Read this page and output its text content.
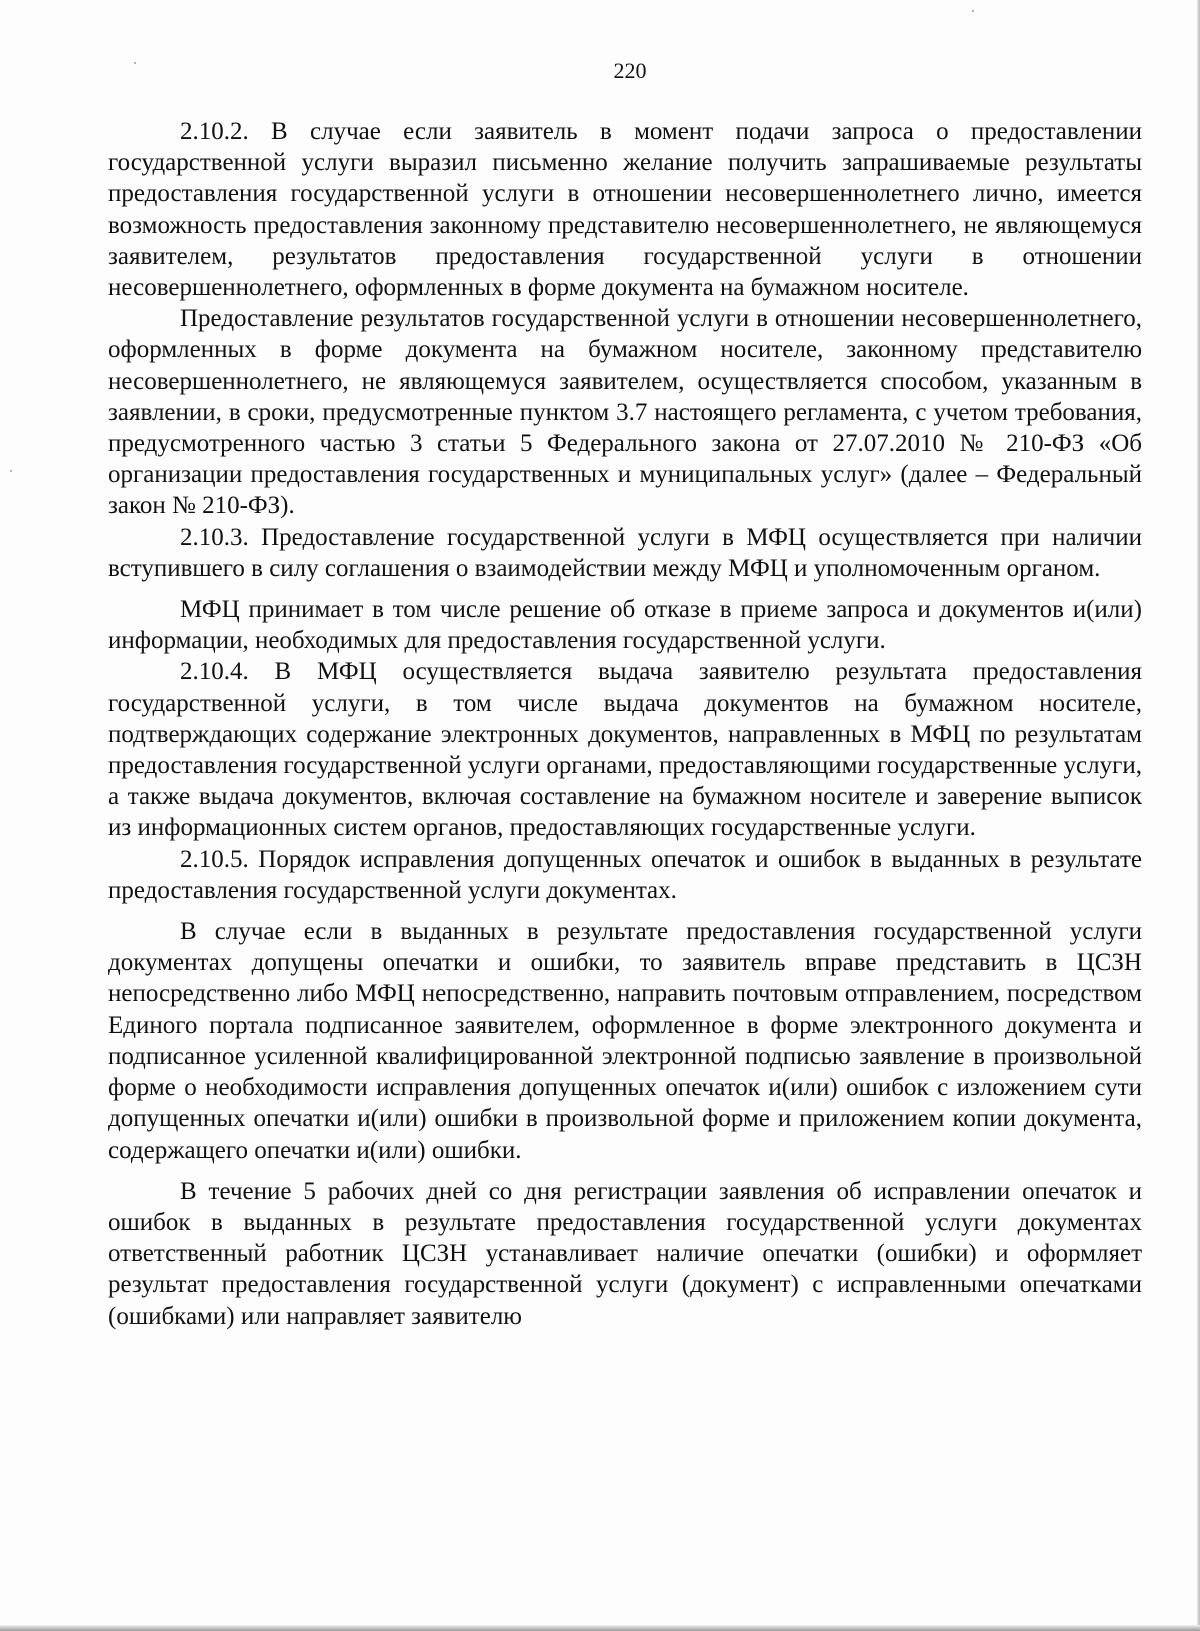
220

2.10.2. В случае если заявитель в момент подачи запроса о предоставлении государственной услуги выразил письменно желание получить запрашиваемые результаты предоставления государственной услуги в отношении несовершеннолетнего лично, имеется возможность предоставления законному представителю несовершеннолетнего, не являющемуся заявителем, результатов предоставления государственной услуги в отношении несовершеннолетнего, оформленных в форме документа на бумажном носителе.

Предоставление результатов государственной услуги в отношении несовершеннолетнего, оформленных в форме документа на бумажном носителе, законному представителю несовершеннолетнего, не являющемуся заявителем, осуществляется способом, указанным в заявлении, в сроки, предусмотренные пунктом 3.7 настоящего регламента, с учетом требования, предусмотренного частью 3 статьи 5 Федерального закона от 27.07.2010 № 210-ФЗ «Об организации предоставления государственных и муниципальных услуг» (далее – Федеральный закон № 210-ФЗ).

2.10.3. Предоставление государственной услуги в МФЦ осуществляется при наличии вступившего в силу соглашения о взаимодействии между МФЦ и уполномоченным органом.

МФЦ принимает в том числе решение об отказе в приеме запроса и документов и(или) информации, необходимых для предоставления государственной услуги.

2.10.4. В МФЦ осуществляется выдача заявителю результата предоставления государственной услуги, в том числе выдача документов на бумажном носителе, подтверждающих содержание электронных документов, направленных в МФЦ по результатам предоставления государственной услуги органами, предоставляющими государственные услуги, а также выдача документов, включая составление на бумажном носителе и заверение выписок из информационных систем органов, предоставляющих государственные услуги.

2.10.5. Порядок исправления допущенных опечаток и ошибок в выданных в результате предоставления государственной услуги документах.

В случае если в выданных в результате предоставления государственной услуги документах допущены опечатки и ошибки, то заявитель вправе представить в ЦСЗН непосредственно либо МФЦ непосредственно, направить почтовым отправлением, посредством Единого портала подписанное заявителем, оформленное в форме электронного документа и подписанное усиленной квалифицированной электронной подписью заявление в произвольной форме о необходимости исправления допущенных опечаток и(или) ошибок с изложением сути допущенных опечатки и(или) ошибки в произвольной форме и приложением копии документа, содержащего опечатки и(или) ошибки.

В течение 5 рабочих дней со дня регистрации заявления об исправлении опечаток и ошибок в выданных в результате предоставления государственной услуги документах ответственный работник ЦСЗН устанавливает наличие опечатки (ошибки) и оформляет результат предоставления государственной услуги (документ) с исправленными опечатками (ошибками) или направляет заявителю
